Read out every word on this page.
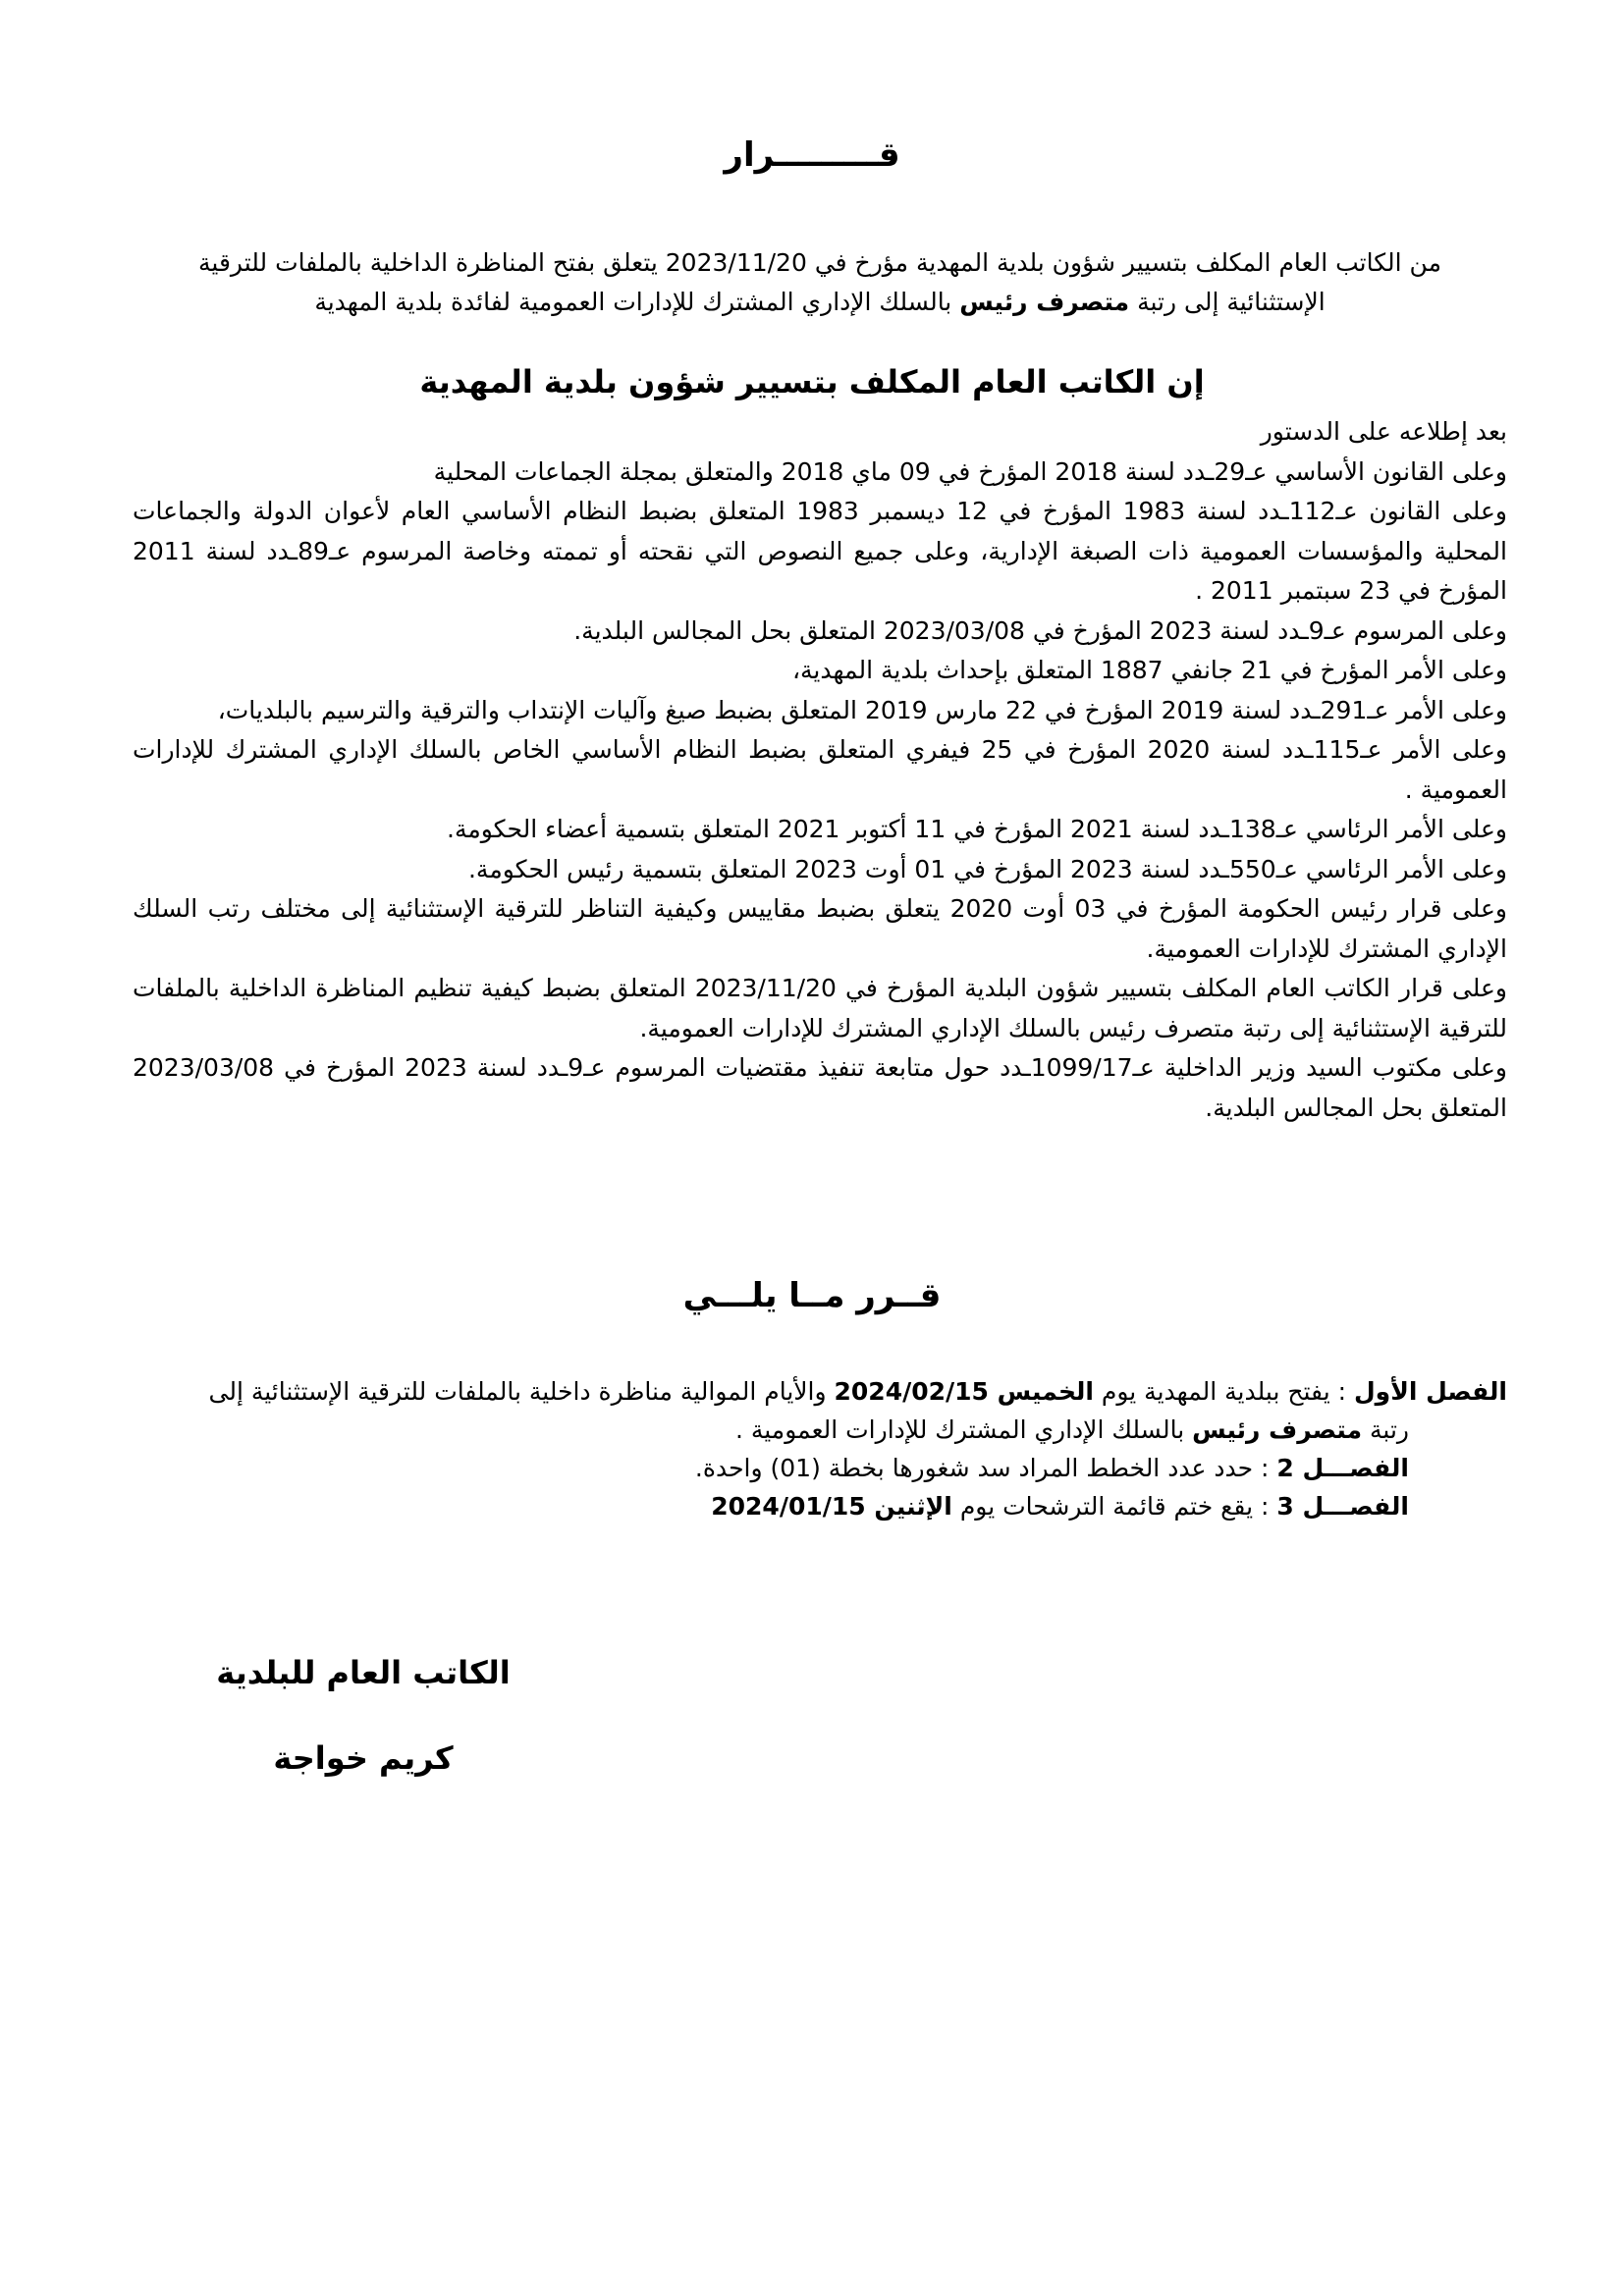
قـــــــــرار
من الكاتب العام المكلف بتسيير شؤون بلدية المهدية مؤرخ في 2023/11/20 يتعلق بفتح المناظرة الداخلية بالملفات للترقية
الإستثنائية إلى رتبة متصرف رئيس بالسلك الإداري المشترك للإدارات العمومية لفائدة بلدية المهدية
إن الكاتب العام المكلف بتسيير شؤون بلدية المهدية

بعد إطلاعه على الدستور

وعلى القانون الأساسي عـ29ـدد لسنة 2018 المؤرخ في 09 ماي 2018 والمتعلق بمجلة الجماعات المحلية

وعلى القانون عـ112ـدد لسنة 1983 المؤرخ في 12 ديسمبر 1983 المتعلق بضبط النظام الأساسي العام لأعوان الدولة والجماعات المحلية والمؤسسات العمومية ذات الصبغة الإدارية، وعلى جميع النصوص التي نقحته أو تممته وخاصة المرسوم عـ89ـدد لسنة 2011 المؤرخ في 23 سبتمبر 2011 .

وعلى المرسوم عـ9ـدد لسنة 2023 المؤرخ في 2023/03/08 المتعلق بحل المجالس البلدية.

وعلى الأمر المؤرخ في 21 جانفي 1887 المتعلق بإحداث بلدية المهدية،

وعلى الأمر عـ291ـدد لسنة 2019 المؤرخ في 22 مارس 2019 المتعلق بضبط صيغ وآليات الإنتداب والترقية والترسيم بالبلديات،

وعلى الأمر عـ115ـدد لسنة 2020 المؤرخ في 25 فيفري المتعلق بضبط النظام الأساسي الخاص بالسلك الإداري المشترك للإدارات العمومية .

وعلى الأمر الرئاسي عـ138ـدد لسنة 2021 المؤرخ في 11 أكتوبر 2021 المتعلق بتسمية أعضاء الحكومة.

وعلى الأمر الرئاسي عـ550ـدد لسنة 2023 المؤرخ في 01 أوت 2023 المتعلق بتسمية رئيس الحكومة.

وعلى قرار رئيس الحكومة المؤرخ في 03 أوت 2020 يتعلق بضبط مقاييس وكيفية التناظر للترقية الإستثنائية إلى مختلف رتب السلك الإداري المشترك للإدارات العمومية.

وعلى قرار الكاتب العام المكلف بتسيير شؤون البلدية المؤرخ في 2023/11/20 المتعلق بضبط كيفية تنظيم المناظرة الداخلية بالملفات للترقية الإستثنائية إلى رتبة متصرف رئيس بالسلك الإداري المشترك للإدارات العمومية.

وعلى مكتوب السيد وزير الداخلية عـ1099/17ـدد حول متابعة تنفيذ مقتضيات المرسوم عـ9ـدد لسنة 2023 المؤرخ في 2023/03/08 المتعلق بحل المجالس البلدية.

قــرر مــا يلـــي

الفصل الأول : يفتح ببلدية المهدية يوم الخميس 2024/02/15 والأيام الموالية مناظرة داخلية بالملفات للترقية الإستثنائية إلى

رتبة متصرف رئيس بالسلك الإداري المشترك للإدارات العمومية .

الفصـــل 2 : حدد عدد الخطط المراد سد شغورها بخطة (01) واحدة.

الفصـــل 3 : يقع ختم قائمة الترشحات يوم الإثنين 2024/01/15

الكاتب العام للبلدية
كريم خواجة
